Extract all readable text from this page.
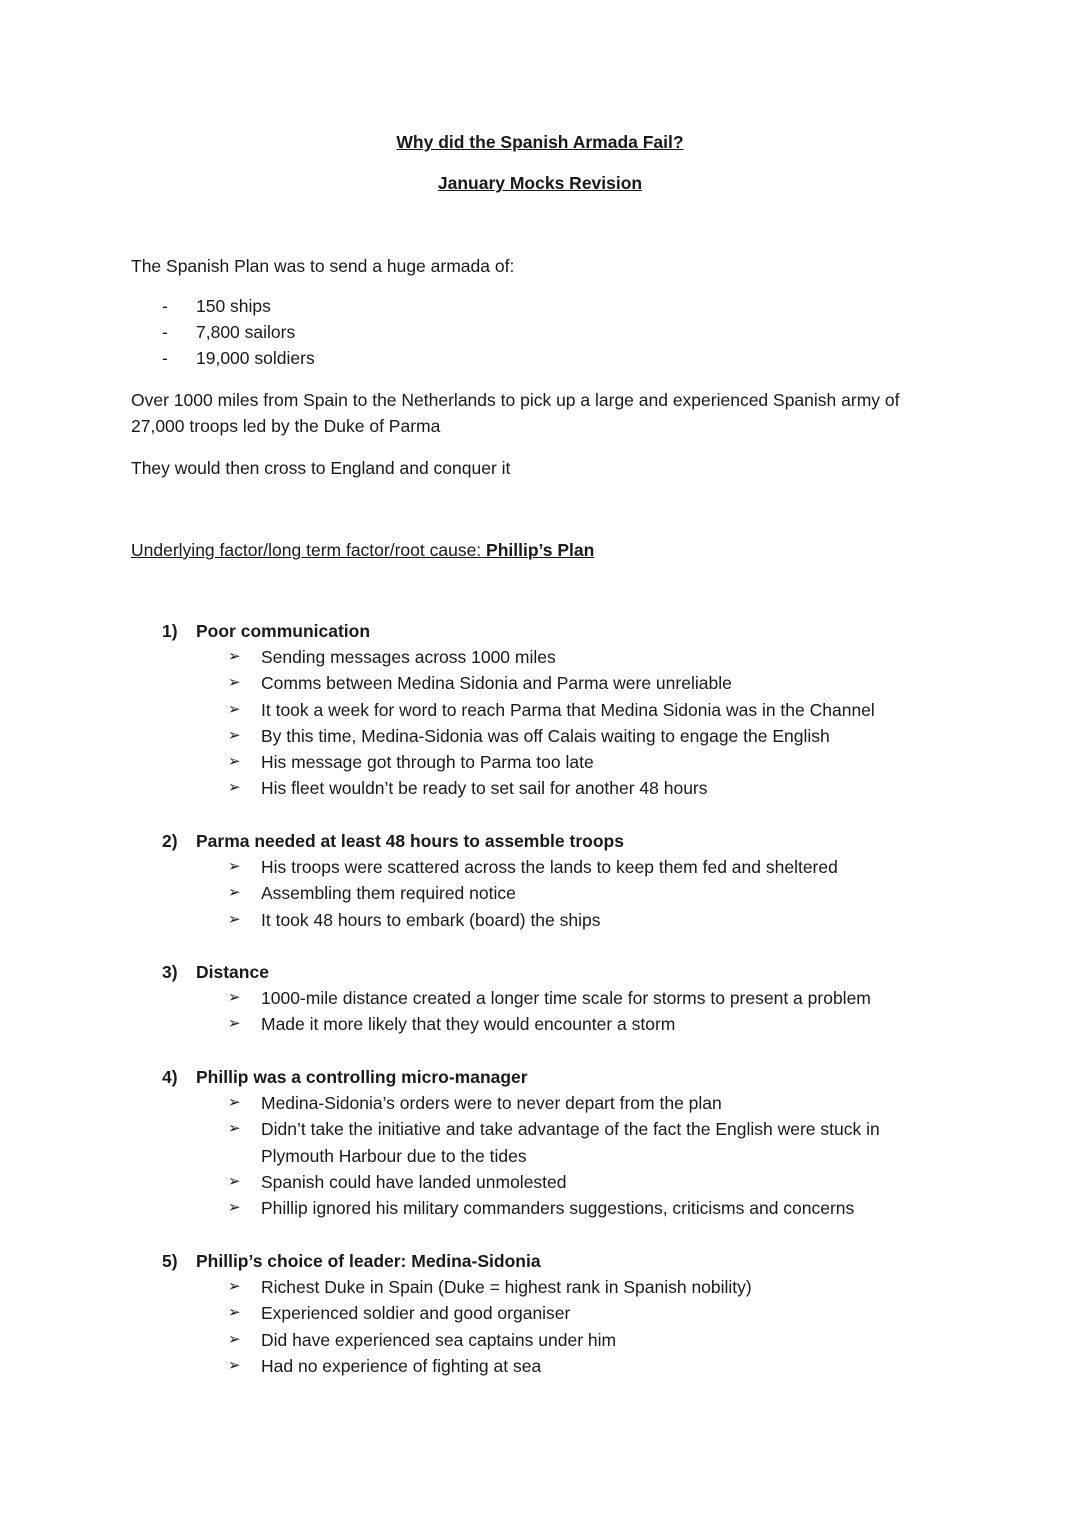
Why did the Spanish Armada Fail?
January Mocks Revision
The Spanish Plan was to send a huge armada of:
- 150 ships
- 7,800 sailors
- 19,000 soldiers
Over 1000 miles from Spain to the Netherlands to pick up a large and experienced Spanish army of
27,000 troops led by the Duke of Parma
They would then cross to England and conquer it
Underlying factor/long term factor/root cause: Phillip’s Plan
1) Poor communication
➢ Sending messages across 1000 miles
➢ Comms between Medina Sidonia and Parma were unreliable
➢ It took a week for word to reach Parma that Medina Sidonia was in the Channel
➢ By this time, Medina-Sidonia was off Calais waiting to engage the English
➢ His message got through to Parma too late
➢ His fleet wouldn’t be ready to set sail for another 48 hours
2) Parma needed at least 48 hours to assemble troops
➢ His troops were scattered across the lands to keep them fed and sheltered
➢ Assembling them required notice
➢ It took 48 hours to embark (board) the ships
3) Distance
➢ 1000-mile distance created a longer time scale for storms to present a problem
➢ Made it more likely that they would encounter a storm
4) Phillip was a controlling micro-manager
➢ Medina-Sidonia’s orders were to never depart from the plan
➢ Didn’t take the initiative and take advantage of the fact the English were stuck in Plymouth Harbour due to the tides
➢ Spanish could have landed unmolested
➢ Phillip ignored his military commanders suggestions, criticisms and concerns
5) Phillip’s choice of leader: Medina-Sidonia
➢ Richest Duke in Spain (Duke = highest rank in Spanish nobility)
➢ Experienced soldier and good organiser
➢ Did have experienced sea captains under him
➢ Had no experience of fighting at sea
